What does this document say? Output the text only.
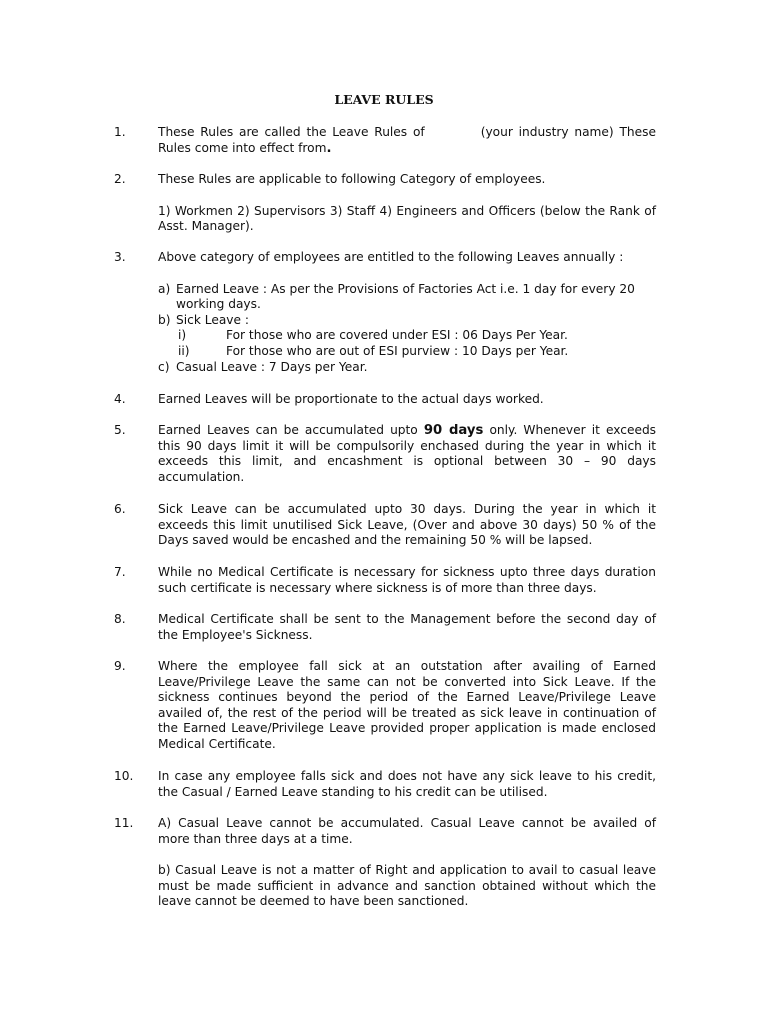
LEAVE RULES
1.	These Rules are called the Leave Rules of	(your industry name) These Rules come into effect from.
2.	These Rules are applicable to following Category of employees.

1) Workmen 2) Supervisors 3) Staff 4) Engineers and Officers (below the Rank of Asst. Manager).

3.	Above category of employees are entitled to the following Leaves annually :

a) Earned Leave : As per the Provisions of Factories Act i.e. 1 day for every 20 working days.
b) Sick Leave :
i)	For those who are covered under ESI : 06 Days Per Year.
ii)	For those who are out of ESI purview : 10 Days per Year.
c) Casual Leave : 7 Days per Year.
4.	Earned Leaves will be proportionate to the actual days worked.
5.	Earned Leaves can be accumulated upto 90 days only. Whenever it exceeds this 90 days limit it will be compulsorily enchased during the year in which it exceeds this limit, and encashment is optional between 30 – 90 days accumulation.
6.	Sick Leave can be accumulated upto 30 days. During the year in which it exceeds this limit unutilised Sick Leave, (Over and above 30 days) 50 % of the Days saved would be encashed and the remaining 50 % will be lapsed.
7.	While no Medical Certificate is necessary for sickness upto three days duration such certificate is necessary where sickness is of more than three days.
8.	Medical Certificate shall be sent to the Management before the second day of the Employee's Sickness.
9.	Where the employee fall sick at an outstation after availing of Earned Leave/Privilege Leave the same can not be converted into Sick Leave. If the sickness continues beyond the period of the Earned Leave/Privilege Leave availed of, the rest of the period will be treated as sick leave in continuation of the Earned Leave/Privilege Leave provided proper application is made enclosed Medical Certificate.
10. In case any employee falls sick and does not have any sick leave to his credit, the Casual / Earned Leave standing to his credit can be utilised.
11. A) Casual Leave cannot be accumulated. Casual Leave cannot be availed of more than three days at a time.

b) Casual Leave is not a matter of Right and application to avail to casual leave must be made sufficient in advance and sanction obtained without which the leave cannot be deemed to have been sanctioned.
